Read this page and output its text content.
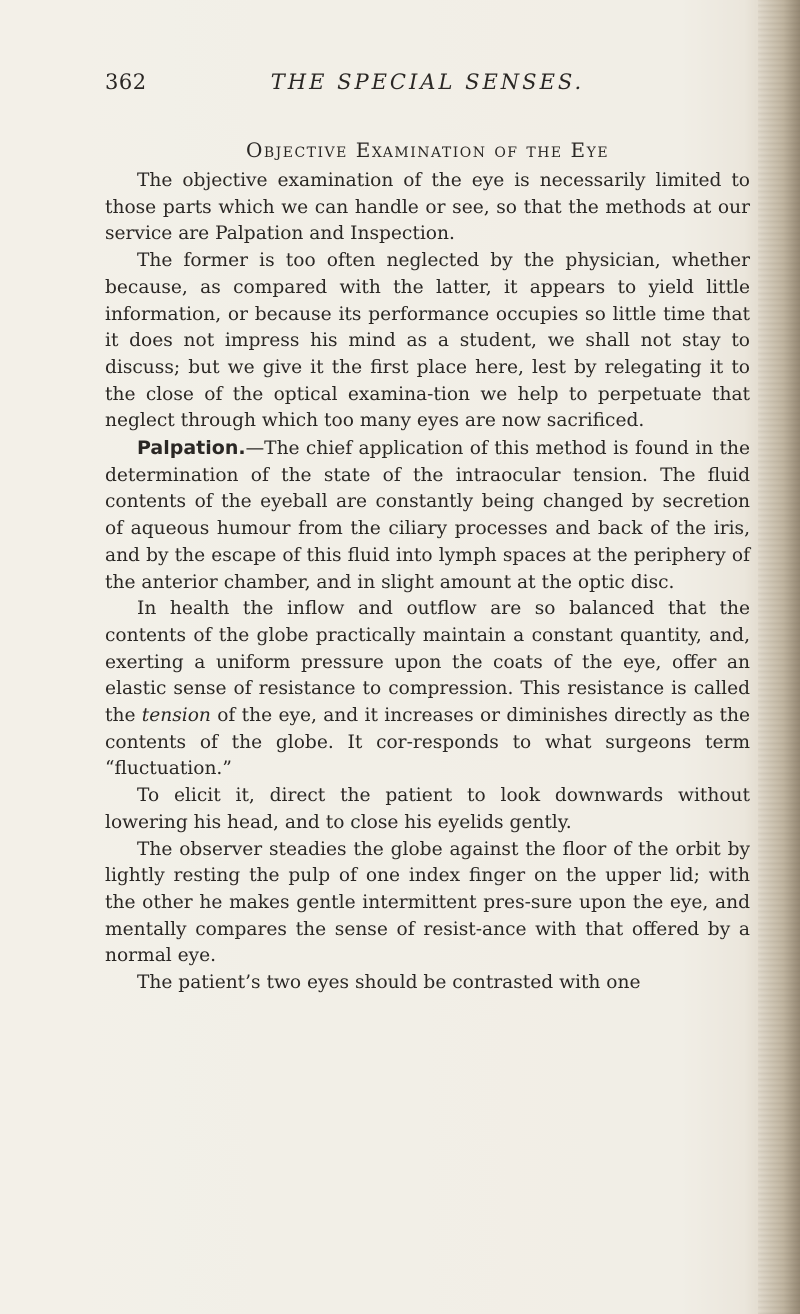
362	THE SPECIAL SENSES.
Objective Examination of the Eye

The objective examination of the eye is necessarily limited to those parts which we can handle or see, so that the methods at our service are Palpation and Inspection.

The former is too often neglected by the physician, whether because, as compared with the latter, it appears to yield little information, or because its performance occupies so little time that it does not impress his mind as a student, we shall not stay to discuss; but we give it the first place here, lest by relegating it to the close of the optical examina-tion we help to perpetuate that neglect through which too many eyes are now sacrificed.

Palpation.—The chief application of this method is found in the determination of the state of the intraocular tension. The fluid contents of the eyeball are constantly being changed by secretion of aqueous humour from the ciliary processes and back of the iris, and by the escape of this fluid into lymph spaces at the periphery of the anterior chamber, and in slight amount at the optic disc.

In health the inflow and outflow are so balanced that the contents of the globe practically maintain a constant quantity, and, exerting a uniform pressure upon the coats of the eye, offer an elastic sense of resistance to compression. This resistance is called the tension of the eye, and it increases or diminishes directly as the contents of the globe. It cor-responds to what surgeons term “fluctuation.”

To elicit it, direct the patient to look downwards without lowering his head, and to close his eyelids gently.

The observer steadies the globe against the floor of the orbit by lightly resting the pulp of one index finger on the upper lid; with the other he makes gentle intermittent pres-sure upon the eye, and mentally compares the sense of resist-ance with that offered by a normal eye.

The patient’s two eyes should be contrasted with one
